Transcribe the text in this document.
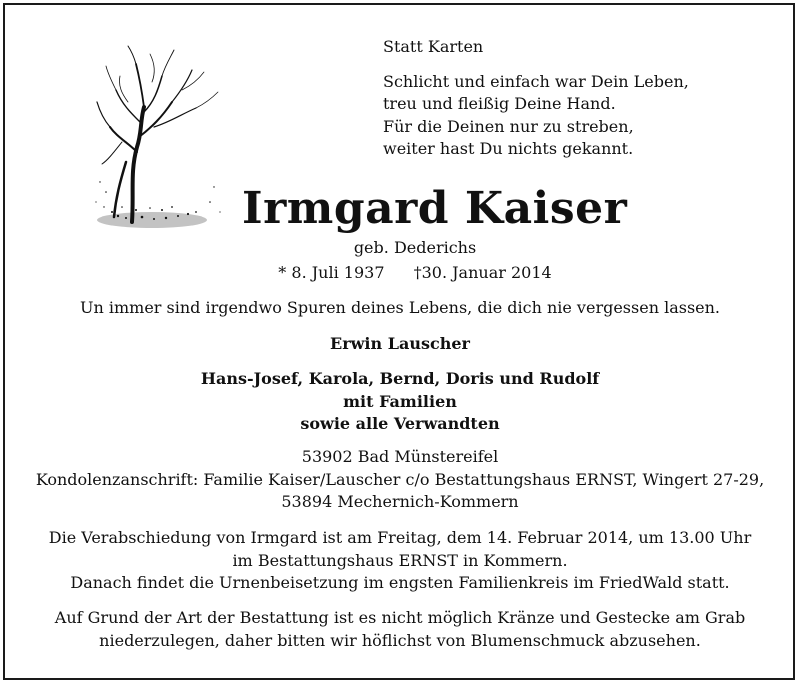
Statt Karten
Schlicht und einfach war Dein Leben,
treu und fleißig Deine Hand.
Für die Deinen nur zu streben,
weiter hast Du nichts gekannt.
Irmgard Kaiser
geb. Dederichs
* 8. Juli 1937 †30. Januar 2014
Un immer sind irgendwo Spuren deines Lebens, die dich nie vergessen lassen.
Erwin Lauscher
Hans-Josef, Karola, Bernd, Doris und Rudolf
mit Familien
sowie alle Verwandten
53902 Bad Münstereifel
Kondolenzanschrift: Familie Kaiser/Lauscher c/o Bestattungshaus ERNST, Wingert 27-29,
53894 Mechernich-Kommern
Die Verabschiedung von Irmgard ist am Freitag, dem 14. Februar 2014, um 13.00 Uhr
im Bestattungshaus ERNST in Kommern.
Danach findet die Urnenbeisetzung im engsten Familienkreis im FriedWald statt.
Auf Grund der Art der Bestattung ist es nicht möglich Kränze und Gestecke am Grab
niederzulegen, daher bitten wir höflichst von Blumenschmuck abzusehen.
